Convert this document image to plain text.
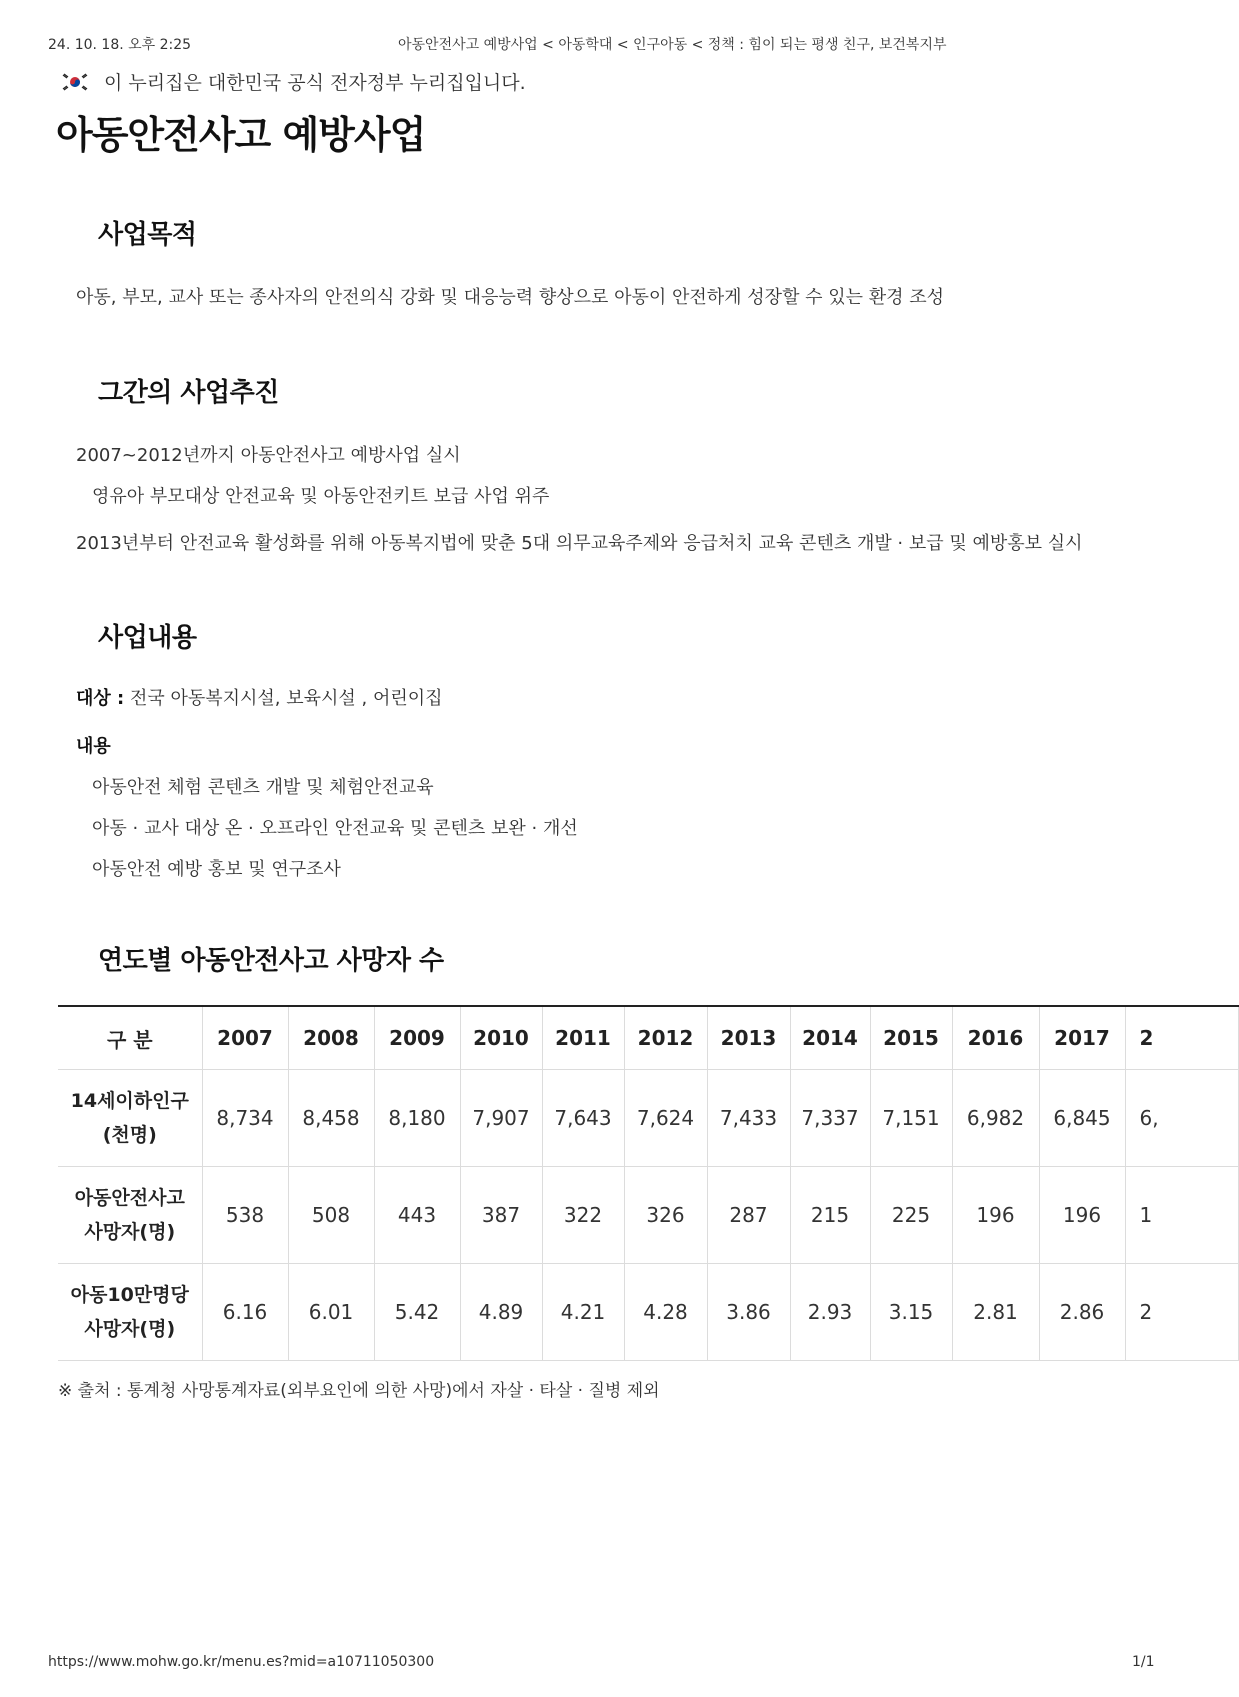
24. 10. 18. 오후 2:25	아동안전사고 예방사업 < 아동학대 < 인구아동 < 정책 : 힘이 되는 평생 친구, 보건복지부
이 누리집은 대한민국 공식 전자정부 누리집입니다.
아동안전사고 예방사업
사업목적
아동, 부모, 교사 또는 종사자의 안전의식 강화 및 대응능력 향상으로 아동이 안전하게 성장할 수 있는 환경 조성
그간의 사업추진
2007~2012년까지 아동안전사고 예방사업 실시
영유아 부모대상 안전교육 및 아동안전키트 보급 사업 위주
2013년부터 안전교육 활성화를 위해 아동복지법에 맞춘 5대 의무교육주제와 응급처치 교육 콘텐츠 개발 · 보급 및 예방홍보 실시
사업내용
대상 : 전국 아동복지시설, 보육시설 , 어린이집
내용
아동안전 체험 콘텐츠 개발 및 체험안전교육
아동 · 교사 대상 온 · 오프라인 안전교육 및 콘텐츠 보완 · 개선
아동안전 예방 홍보 및 연구조사
연도별 아동안전사고 사망자 수
구 분	2007	2008	2009	2010	2011	2012	2013	2014	2015	2016	2017	2
14세이하인구
(천명)	8,734	8,458	8,180	7,907	7,643	7,624	7,433	7,337	7,151	6,982	6,845	6,
아동안전사고
사망자(명)	538	508	443	387	322	326	287	215	225	196	196	1
아동10만명당
사망자(명)	6.16	6.01	5.42	4.89	4.21	4.28	3.86	2.93	3.15	2.81	2.86	2
※ 출처 : 통계청 사망통계자료(외부요인에 의한 사망)에서 자살 · 타살 · 질병 제외
https://www.mohw.go.kr/menu.es?mid=a10711050300	1/1
